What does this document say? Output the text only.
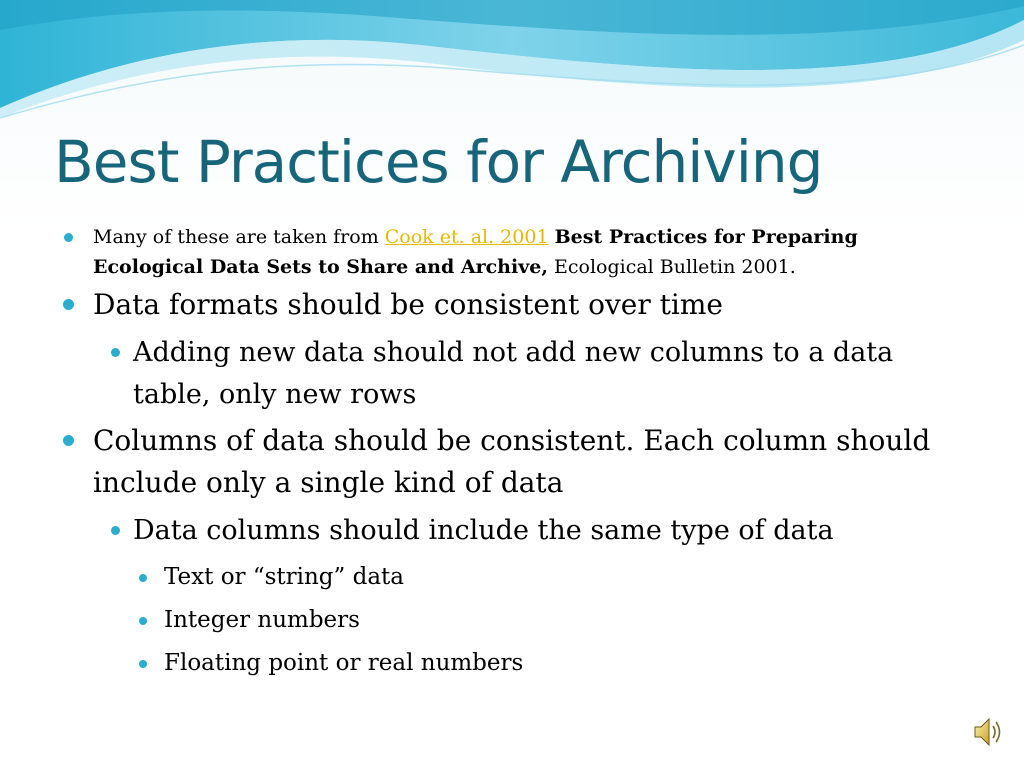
Best Practices for Archiving

Many of these are taken from Cook et. al. 2001 Best Practices for Preparing Ecological Data Sets to Share and Archive, Ecological Bulletin 2001.

Data formats should be consistent over time

Adding new data should not add new columns to a data table, only new rows

Columns of data should be consistent. Each column should include only a single kind of data

Data columns should include the same type of data

Text or “string” data

Integer numbers

Floating point or real numbers
